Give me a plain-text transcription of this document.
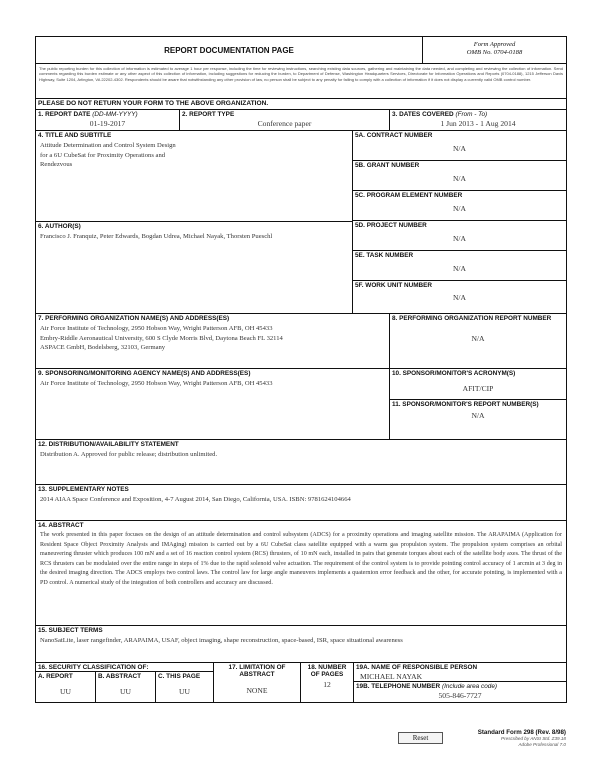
REPORT DOCUMENTATION PAGE
Form Approved
OMB No. 0704-0188
The public reporting burden for this collection of information is estimated to average 1 hour per response, including the time for reviewing instructions, searching existing data sources, gathering and maintaining the data needed, and completing and reviewing the collection of information. Send comments regarding this burden estimate or any other aspect of this collection of information, including suggestions for reducing the burden, to Department of Defense, Washington Headquarters Services, Directorate for Information Operations and Reports (0704-0188), 1215 Jefferson Davis Highway, Suite 1204, Arlington, VA 22202-4302. Respondents should be aware that notwithstanding any other provision of law, no person shall be subject to any penalty for failing to comply with a collection of information if it does not display a currently valid OMB control number.
PLEASE DO NOT RETURN YOUR FORM TO THE ABOVE ORGANIZATION.
1. REPORT DATE (DD-MM-YYYY)
01-19-2017
2. REPORT TYPE
Conference paper
3. DATES COVERED (From - To)
1 Jun 2013 - 1 Aug 2014
4. TITLE AND SUBTITLE
Attitude Determination and Control System Design
for a 6U CubeSat for Proximity Operations and
Rendezvous
6. AUTHOR(S)
Francisco J. Franquiz, Peter Edwards, Bogdan Udrea, Michael Nayak, Thorsten Pueschl
5A. CONTRACT NUMBER
N/A
5B. GRANT NUMBER
N/A
5C. PROGRAM ELEMENT NUMBER
N/A
5D. PROJECT NUMBER
N/A
5E. TASK NUMBER
N/A
5F. WORK UNIT NUMBER
N/A
7. PERFORMING ORGANIZATION NAME(S) AND ADDRESS(ES)
Air Force Institute of Technology, 2950 Hobson Way, Wright Patterson AFB, OH 45433
Embry-Riddle Aeronautical University, 600 S Clyde Morris Blvd, Daytona Beach FL 32114
ASPACE GmbH, Bodelsberg, 32103, Germany
8. PERFORMING ORGANIZATION REPORT NUMBER
N/A
9. SPONSORING/MONITORING AGENCY NAME(S) AND ADDRESS(ES)
Air Force Institute of Technology, 2950 Hobson Way, Wright Patterson AFB, OH 45433
10. SPONSOR/MONITOR'S ACRONYM(S)
AFIT/CIP
11. SPONSOR/MONITOR'S REPORT NUMBER(S)
N/A
12. DISTRIBUTION/AVAILABILITY STATEMENT
Distribution A. Approved for public release; distribution unlimited.
13. SUPPLEMENTARY NOTES
2014 AIAA Space Conference and Exposition, 4-7 August 2014, San Diego, California, USA. ISBN: 9781624104664
14. ABSTRACT
The work presented in this paper focuses on the design of an attitude determination and control subsystem (ADCS) for a proximity operations and imaging satellite mission. The ARAPAIMA (Application for Resident Space Object Proximity Analysis and IMAging) mission is carried out by a 6U CubeSat class satellite equipped with a warm gas propulsion system. The propulsion system comprises an orbital maneuvering thruster which produces 100 mN and a set of 16 reaction control system (RCS) thrusters, of 10 mN each, installed in pairs that generate torques about each of the satellite body axes. The thrust of the RCS thrusters can be modulated over the entire range in steps of 1% due to the rapid solenoid valve actuation. The requirement of the control system is to provide pointing control accuracy of 1 arcmin at 3 deg in the desired imaging direction. The ADCS employs two control laws. The control law for large angle maneuvers implements a quaternion error feedback and the other, for accurate pointing, is implemented with a PD control. A numerical study of the integration of both controllers and accuracy are discussed.
15. SUBJECT TERMS
NanoSatLite, laser rangefinder, ARAPAIMA, USAF, object imaging, shape reconstruction, space-based, ISR, space situational awareness
16. SECURITY CLASSIFICATION OF:
A. REPORT	B. ABSTRACT	C. THIS PAGE
UU	UU	UU
17. LIMITATION OF ABSTRACT
NONE
18. NUMBER OF PAGES
12
19A. NAME OF RESPONSIBLE PERSON
MICHAEL NAYAK
19B. TELEPHONE NUMBER (Include area code)
505-846-7727
Reset
Standard Form 298 (Rev. 8/98)
Prescribed by ANSI Std. Z39.18
Adobe Professional 7.0
